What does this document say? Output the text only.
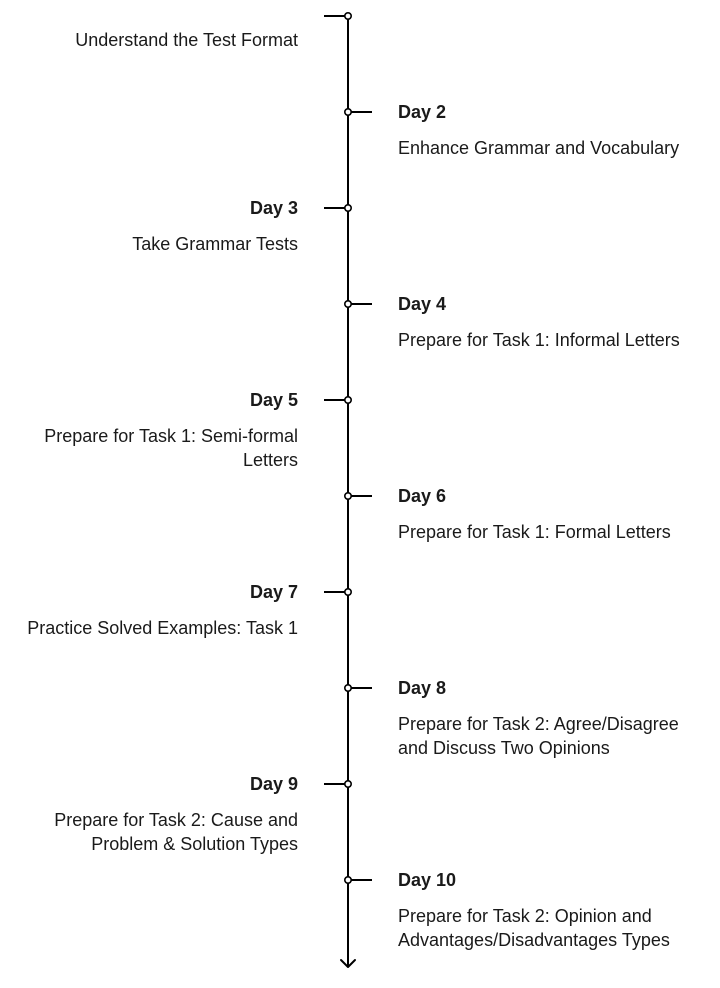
Understand the Test Format
Day 2
Enhance Grammar and Vocabulary
Day 3
Take Grammar Tests
Day 4
Prepare for Task 1: Informal Letters
Day 5
Prepare for Task 1: Semi-formal Letters
Day 6
Prepare for Task 1: Formal Letters
Day 7
Practice Solved Examples: Task 1
Day 8
Prepare for Task 2: Agree/Disagree and Discuss Two Opinions
Day 9
Prepare for Task 2: Cause and Problem & Solution Types
Day 10
Prepare for Task 2: Opinion and Advantages/Disadvantages Types
